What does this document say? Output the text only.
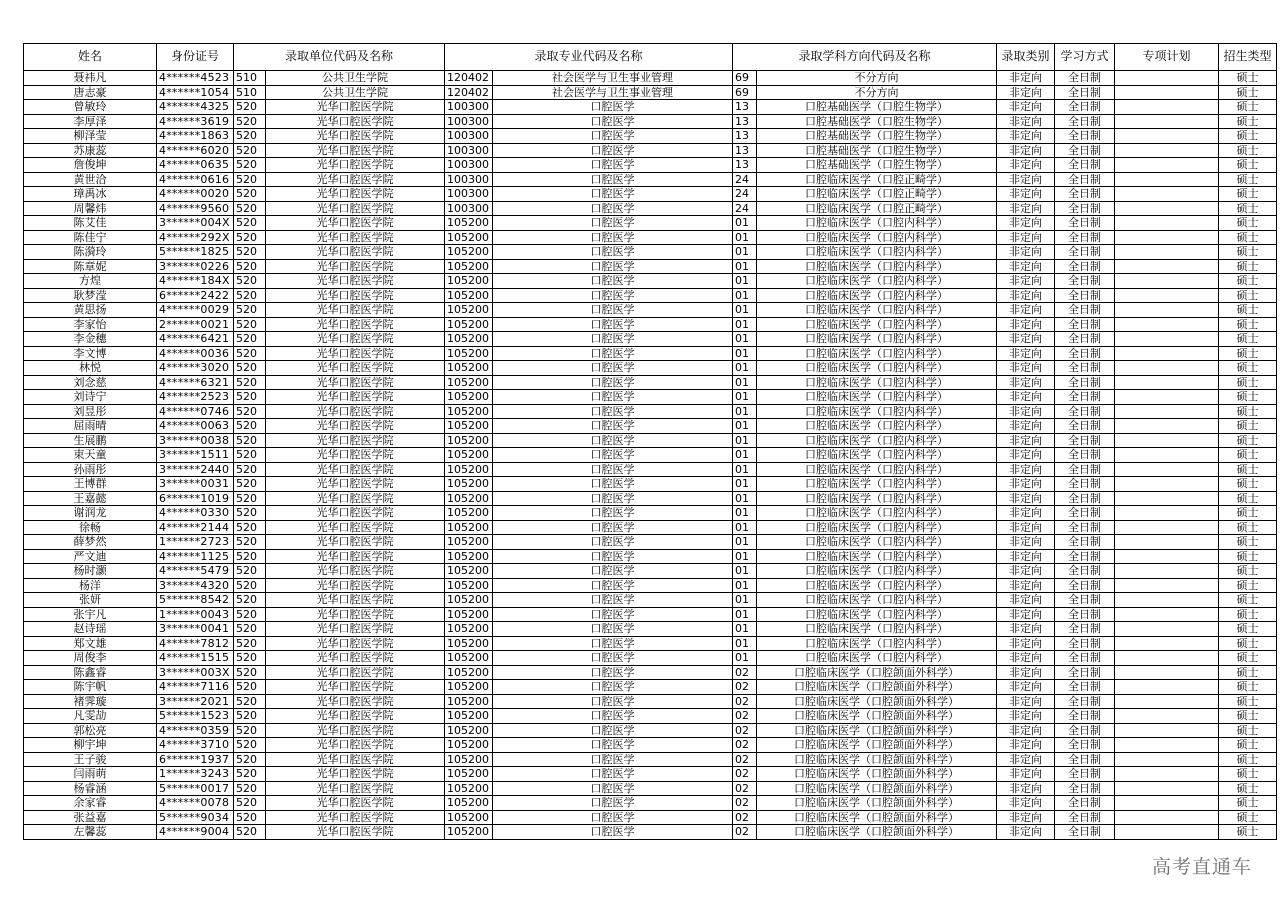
姓名	身份证号	录取单位代码及名称		录取专业代码及名称		录取学科方向代码及名称		录取类别	学习方式	专项计划	招生类型
聂祎凡	4******4523	510	公共卫生学院	120402	社会医学与卫生事业管理	69	不分方向	非定向	全日制		硕士
唐志豪	4******1054	510	公共卫生学院	120402	社会医学与卫生事业管理	69	不分方向	非定向	全日制		硕士
曾敏玲	4******4325	520	光华口腔医学院	100300	口腔医学	13	口腔基础医学（口腔生物学）	非定向	全日制		硕士
李厚泽	4******3619	520	光华口腔医学院	100300	口腔医学	13	口腔基础医学（口腔生物学）	非定向	全日制		硕士
柳泽莹	4******1863	520	光华口腔医学院	100300	口腔医学	13	口腔基础医学（口腔生物学）	非定向	全日制		硕士
苏康蕊	4******6020	520	光华口腔医学院	100300	口腔医学	13	口腔基础医学（口腔生物学）	非定向	全日制		硕士
詹俊坤	4******0635	520	光华口腔医学院	100300	口腔医学	13	口腔基础医学（口腔生物学）	非定向	全日制		硕士
黄世洽	4******0616	520	光华口腔医学院	100300	口腔医学	24	口腔临床医学（口腔正畸学）	非定向	全日制		硕士
璋禹冰	4******0020	520	光华口腔医学院	100300	口腔医学	24	口腔临床医学（口腔正畸学）	非定向	全日制		硕士
周馨炜	4******9560	520	光华口腔医学院	100300	口腔医学	24	口腔临床医学（口腔正畸学）	非定向	全日制		硕士
陈艾佳	3******004X	520	光华口腔医学院	105200	口腔医学	01	口腔临床医学（口腔内科学）	非定向	全日制		硕士
陈佳宁	4******292X	520	光华口腔医学院	105200	口腔医学	01	口腔临床医学（口腔内科学）	非定向	全日制		硕士
陈漪玲	5******1825	520	光华口腔医学院	105200	口腔医学	01	口腔临床医学（口腔内科学）	非定向	全日制		硕士
陈章妮	3******0226	520	光华口腔医学院	105200	口腔医学	01	口腔临床医学（口腔内科学）	非定向	全日制		硕士
方煌	4******184X	520	光华口腔医学院	105200	口腔医学	01	口腔临床医学（口腔内科学）	非定向	全日制		硕士
耿梦滢	6******2422	520	光华口腔医学院	105200	口腔医学	01	口腔临床医学（口腔内科学）	非定向	全日制		硕士
黄思扬	4******0029	520	光华口腔医学院	105200	口腔医学	01	口腔临床医学（口腔内科学）	非定向	全日制		硕士
李家怡	2******0021	520	光华口腔医学院	105200	口腔医学	01	口腔临床医学（口腔内科学）	非定向	全日制		硕士
李金穗	4******6421	520	光华口腔医学院	105200	口腔医学	01	口腔临床医学（口腔内科学）	非定向	全日制		硕士
李文博	4******0036	520	光华口腔医学院	105200	口腔医学	01	口腔临床医学（口腔内科学）	非定向	全日制		硕士
林悦	4******3020	520	光华口腔医学院	105200	口腔医学	01	口腔临床医学（口腔内科学）	非定向	全日制		硕士
刘念慈	4******6321	520	光华口腔医学院	105200	口腔医学	01	口腔临床医学（口腔内科学）	非定向	全日制		硕士
刘诗宁	4******2523	520	光华口腔医学院	105200	口腔医学	01	口腔临床医学（口腔内科学）	非定向	全日制		硕士
刘昱彤	4******0746	520	光华口腔医学院	105200	口腔医学	01	口腔临床医学（口腔内科学）	非定向	全日制		硕士
屈雨晴	4******0063	520	光华口腔医学院	105200	口腔医学	01	口腔临床医学（口腔内科学）	非定向	全日制		硕士
生展鹏	3******0038	520	光华口腔医学院	105200	口腔医学	01	口腔临床医学（口腔内科学）	非定向	全日制		硕士
束天童	3******1511	520	光华口腔医学院	105200	口腔医学	01	口腔临床医学（口腔内科学）	非定向	全日制		硕士
孙雨彤	3******2440	520	光华口腔医学院	105200	口腔医学	01	口腔临床医学（口腔内科学）	非定向	全日制		硕士
王博群	3******0031	520	光华口腔医学院	105200	口腔医学	01	口腔临床医学（口腔内科学）	非定向	全日制		硕士
王嘉懿	6******1019	520	光华口腔医学院	105200	口腔医学	01	口腔临床医学（口腔内科学）	非定向	全日制		硕士
谢润龙	4******0330	520	光华口腔医学院	105200	口腔医学	01	口腔临床医学（口腔内科学）	非定向	全日制		硕士
徐畅	4******2144	520	光华口腔医学院	105200	口腔医学	01	口腔临床医学（口腔内科学）	非定向	全日制		硕士
薛梦然	1******2723	520	光华口腔医学院	105200	口腔医学	01	口腔临床医学（口腔内科学）	非定向	全日制		硕士
严文迪	4******1125	520	光华口腔医学院	105200	口腔医学	01	口腔临床医学（口腔内科学）	非定向	全日制		硕士
杨时灏	4******5479	520	光华口腔医学院	105200	口腔医学	01	口腔临床医学（口腔内科学）	非定向	全日制		硕士
杨洋	3******4320	520	光华口腔医学院	105200	口腔医学	01	口腔临床医学（口腔内科学）	非定向	全日制		硕士
张妍	5******8542	520	光华口腔医学院	105200	口腔医学	01	口腔临床医学（口腔内科学）	非定向	全日制		硕士
张宇凡	1******0043	520	光华口腔医学院	105200	口腔医学	01	口腔临床医学（口腔内科学）	非定向	全日制		硕士
赵诗瑶	3******0041	520	光华口腔医学院	105200	口腔医学	01	口腔临床医学（口腔内科学）	非定向	全日制		硕士
郑文雄	4******7812	520	光华口腔医学院	105200	口腔医学	01	口腔临床医学（口腔内科学）	非定向	全日制		硕士
周俊李	4******1515	520	光华口腔医学院	105200	口腔医学	01	口腔临床医学（口腔内科学）	非定向	全日制		硕士
陈鑫睿	3******003X	520	光华口腔医学院	105200	口腔医学	02	口腔临床医学（口腔颌面外科学）	非定向	全日制		硕士
陈宇帆	4******7116	520	光华口腔医学院	105200	口腔医学	02	口腔临床医学（口腔颌面外科学）	非定向	全日制		硕士
褚霁璇	3******2021	520	光华口腔医学院	105200	口腔医学	02	口腔临床医学（口腔颌面外科学）	非定向	全日制		硕士
凡雯劼	5******1523	520	光华口腔医学院	105200	口腔医学	02	口腔临床医学（口腔颌面外科学）	非定向	全日制		硕士
郭松亮	4******0359	520	光华口腔医学院	105200	口腔医学	02	口腔临床医学（口腔颌面外科学）	非定向	全日制		硕士
柳宇坤	4******3710	520	光华口腔医学院	105200	口腔医学	02	口腔临床医学（口腔颌面外科学）	非定向	全日制		硕士
王子骏	6******1937	520	光华口腔医学院	105200	口腔医学	02	口腔临床医学（口腔颌面外科学）	非定向	全日制		硕士
闫雨萌	1******3243	520	光华口腔医学院	105200	口腔医学	02	口腔临床医学（口腔颌面外科学）	非定向	全日制		硕士
杨睿涵	5******0017	520	光华口腔医学院	105200	口腔医学	02	口腔临床医学（口腔颌面外科学）	非定向	全日制		硕士
余家睿	4******0078	520	光华口腔医学院	105200	口腔医学	02	口腔临床医学（口腔颌面外科学）	非定向	全日制		硕士
张益嘉	5******9034	520	光华口腔医学院	105200	口腔医学	02	口腔临床医学（口腔颌面外科学）	非定向	全日制		硕士
左馨蕊	4******9004	520	光华口腔医学院	105200	口腔医学	02	口腔临床医学（口腔颌面外科学）	非定向	全日制		硕士
高考直通车
